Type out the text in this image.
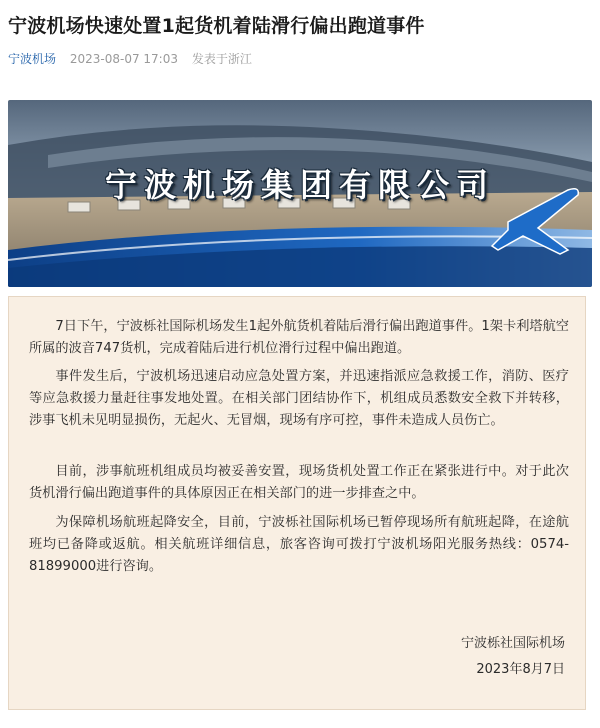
宁波机场快速处置1起货机着陆滑行偏出跑道事件
宁波机场 2023-08-07 17:03 发表于浙江
宁波机场集团有限公司
7日下午，宁波栎社国际机场发生1起外航货机着陆后滑行偏出跑道事件。1架卡利塔航空所属的波音747货机，完成着陆后进行机位滑行过程中偏出跑道。
事件发生后，宁波机场迅速启动应急处置方案，并迅速指派应急救援工作，消防、医疗等应急救援力量赶往事发地处置。在相关部门团结协作下，机组成员悉数安全救下并转移，涉事飞机未见明显损伤，无起火、无冒烟，现场有序可控，事件未造成人员伤亡。
目前，涉事航班机组成员均被妥善安置，现场货机处置工作正在紧张进行中。对于此次货机滑行偏出跑道事件的具体原因正在相关部门的进一步排查之中。
为保障机场航班起降安全，目前，宁波栎社国际机场已暂停现场所有航班起降，在途航班均已备降或返航。相关航班详细信息，旅客咨询可拨打宁波机场阳光服务热线：0574-81899000进行咨询。
宁波栎社国际机场
2023年8月7日
